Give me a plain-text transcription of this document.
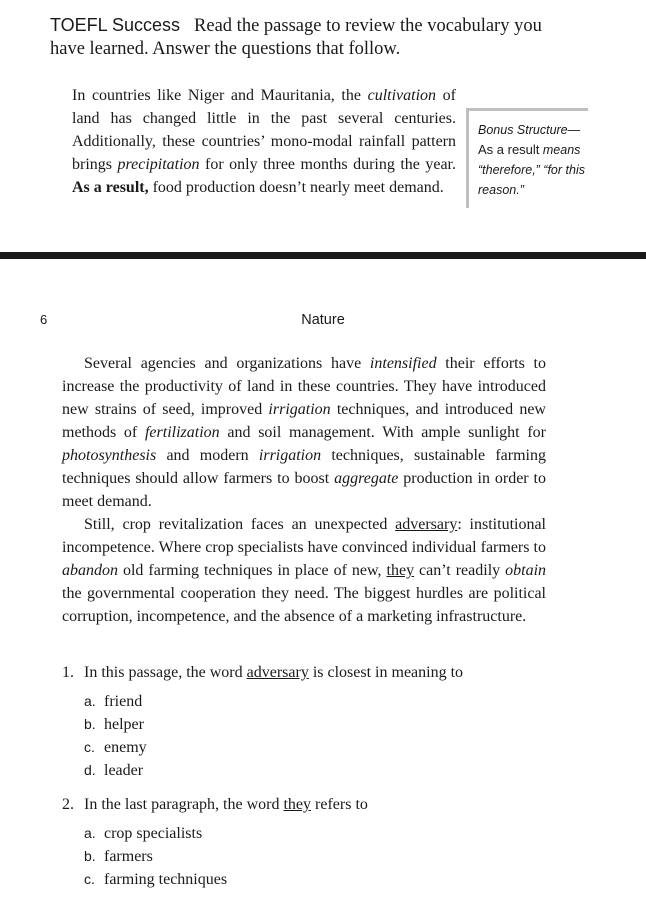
TOEFL Success Read the passage to review the vocabulary you have learned. Answer the questions that follow.

In countries like Niger and Mauritania, the cultivation of land has changed little in the past several centuries. Additionally, these countries’ mono-modal rainfall pattern brings precipitation for only three months during the year. As a result, food production doesn’t nearly meet demand.

Bonus Structure—
As a result means
“therefore,” “for this reason.”
6	Nature

Several agencies and organizations have intensified their efforts to increase the productivity of land in these countries. They have introduced new strains of seed, improved irrigation techniques, and introduced new methods of fertilization and soil management. With ample sunlight for photosynthesis and modern irrigation techniques, sustainable farming techniques should allow farmers to boost aggregate production in order to meet demand.

Still, crop revitalization faces an unexpected adversary: institutional incompetence. Where crop specialists have convinced individual farmers to abandon old farming techniques in place of new, they can’t readily obtain the governmental cooperation they need. The biggest hurdles are political corruption, incompetence, and the absence of a marketing infrastructure.

1. In this passage, the word adversary is closest in meaning to
a. friend
b. helper
c. enemy
d. leader
2. In the last paragraph, the word they refers to
a. crop specialists
b. farmers
c. farming techniques
